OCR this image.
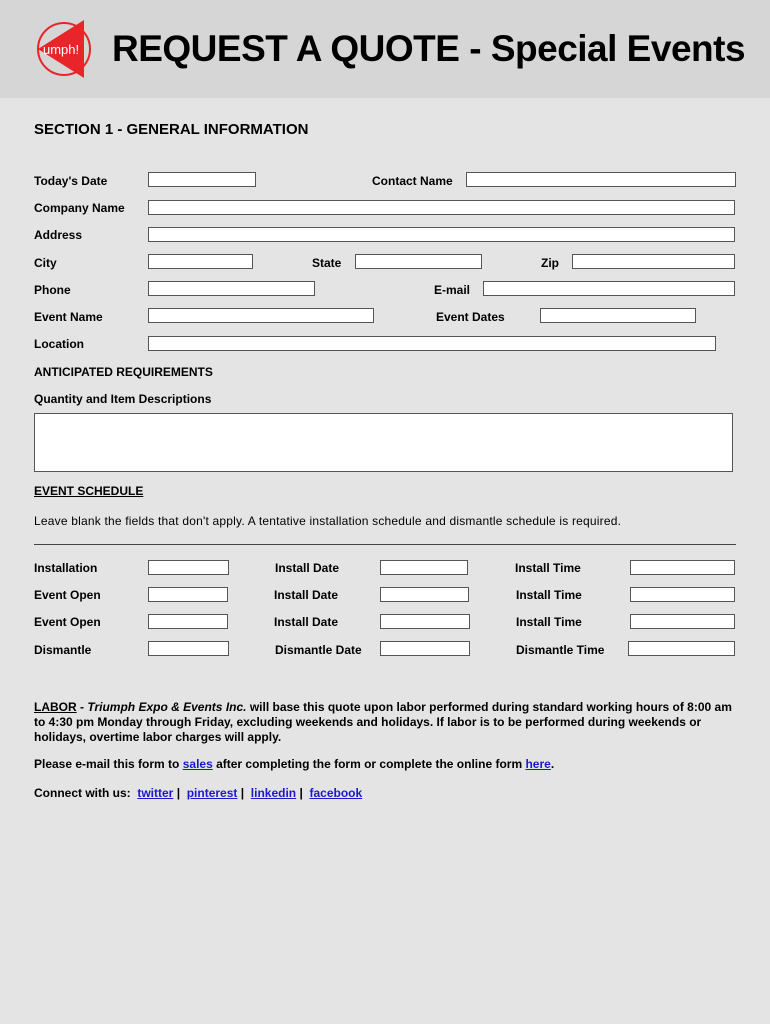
umph! REQUEST A QUOTE - Special Events
SECTION 1 - GENERAL INFORMATION
Today's Date	Contact Name
Company Name
Address
City	State	Zip
Phone	E-mail
Event Name	Event Dates
Location
ANTICIPATED REQUIREMENTS
Quantity and Item Descriptions
EVENT SCHEDULE
Leave blank the fields that don't apply. A tentative installation schedule and dismantle schedule is required.
Installation	Install Date	Install Time
Event Open	Install Date	Install Time
Event Open	Install Date	Install Time
Dismantle	Dismantle Date	Dismantle Time
LABOR - Triumph Expo & Events Inc. will base this quote upon labor performed during standard working hours of 8:00 am to 4:30 pm Monday through Friday, excluding weekends and holidays. If labor is to be performed during weekends or holidays, overtime labor charges will apply.
Please e-mail this form to sales after completing the form or complete the online form here.
Connect with us: twitter | pinterest | linkedin | facebook
